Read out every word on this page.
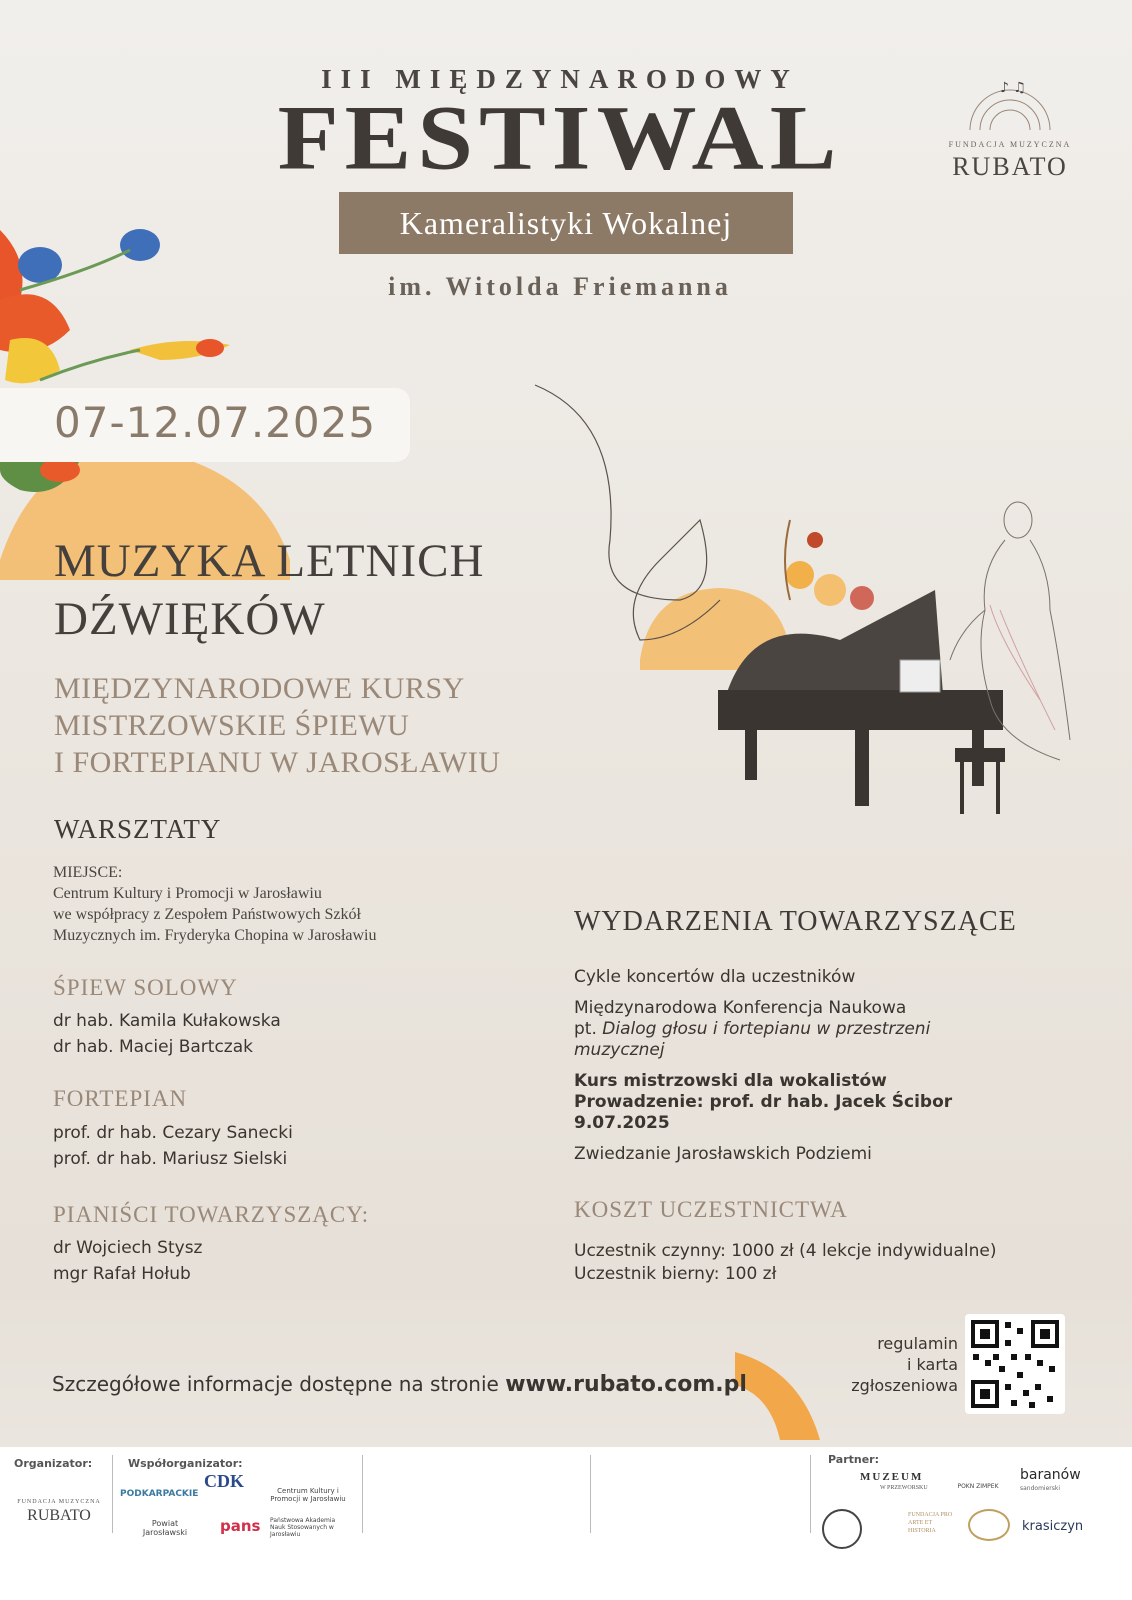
III MIĘDZYNARODOWY
FESTIWAL
Kameralistyki Wokalnej
im. Witolda Friemanna
♪ ♫
FUNDACJA MUZYCZNA
RUBATO
07-12.07.2025
MUZYKA LETNICH
DŹWIĘKÓW
MIĘDZYNARODOWE KURSY
MISTRZOWSKIE ŚPIEWU
I FORTEPIANU W JAROSŁAWIU
WARSZTATY
MIEJSCE:
Centrum Kultury i Promocji w Jarosławiu
we współpracy z Zespołem Państwowych Szkół
Muzycznych im. Fryderyka Chopina w Jarosławiu
ŚPIEW SOLOWY
dr hab. Kamila Kułakowska
dr hab. Maciej Bartczak
FORTEPIAN
prof. dr hab. Cezary Sanecki
prof. dr hab. Mariusz Sielski
PIANIŚCI TOWARZYSZĄCY:
dr Wojciech Stysz
mgr Rafał Hołub
WYDARZENIA TOWARZYSZĄCE
Cykle koncertów dla uczestników
Międzynarodowa Konferencja Naukowa
pt. Dialog głosu i fortepianu w przestrzeni
muzycznej
Kurs mistrzowski dla wokalistów
Prowadzenie: prof. dr hab. Jacek Ścibor
9.07.2025
Zwiedzanie Jarosławskich Podziemi
KOSZT UCZESTNICTWA
Uczestnik czynny: 1000 zł (4 lekcje indywidualne)
Uczestnik bierny: 100 zł
Szczegółowe informacje dostępne na stronie www.rubato.com.pl
regulamin
i karta
zgłoszeniowa
Organizator:
FUNDACJA MUZYCZNA
RUBATO
Współorganizator:
PODKARPACKIE
CDK
Powiat Jarosławski
Centrum Kultury i Promocji w Jarosławiu
pans Państwowa Akademia Nauk Stosowanych w Jarosławiu
Partner:
MUZEUM
W PRZEWORSKU	POKN ZIMPEK
baranów
sandomierski
FUNDACJA PRO ARTE ET HISTORIA	krasiczyn
